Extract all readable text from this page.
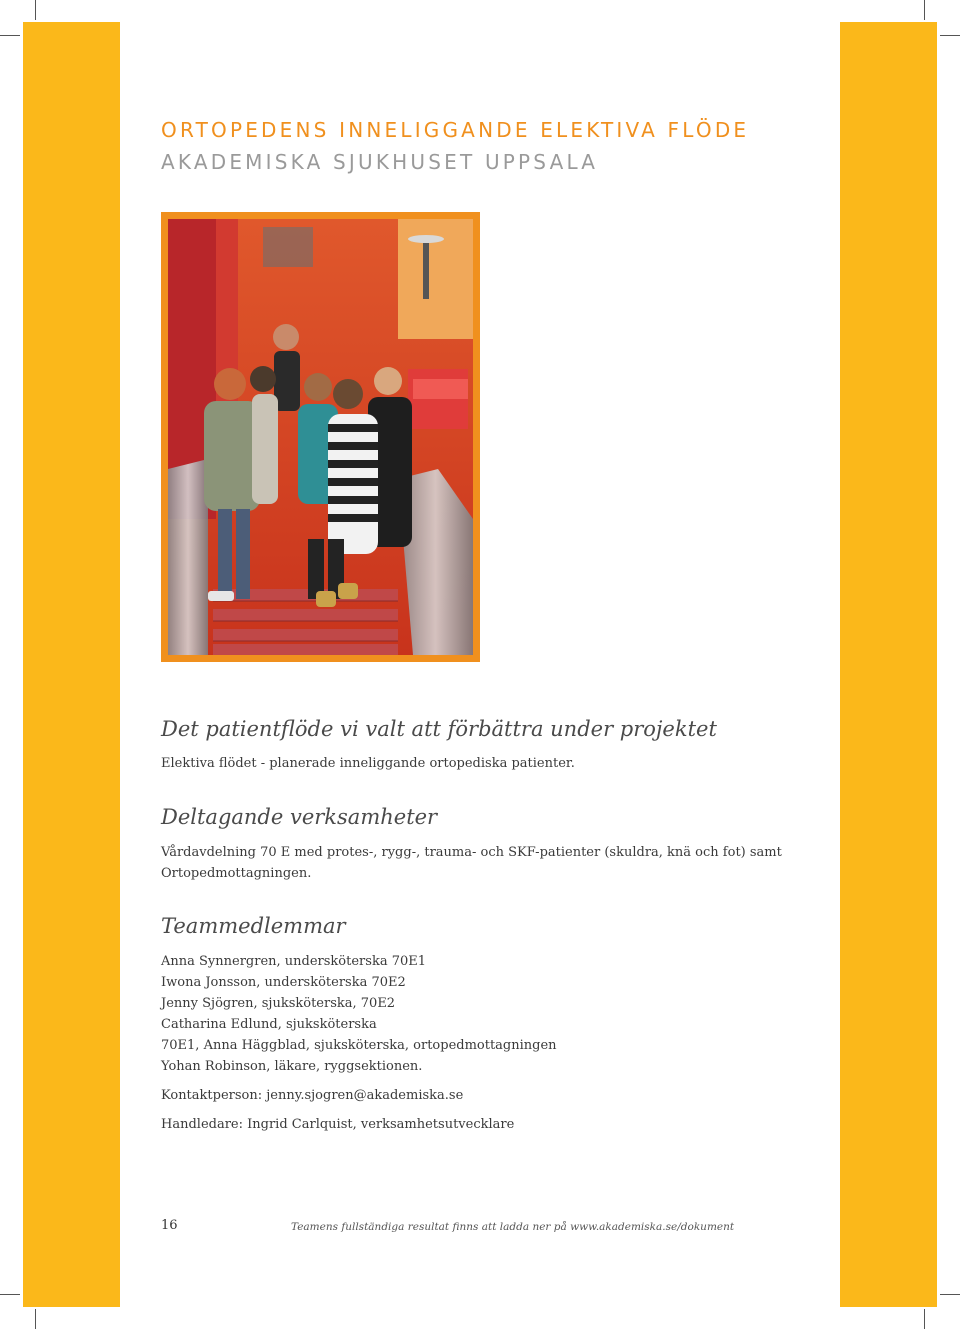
ORTOPEDENS INNELIGGANDE ELEKTIVA FLÖDE
AKADEMISKA SJUKHUSET UPPSALA
Det patientflöde vi valt att förbättra under projektet
Elektiva flödet - planerade inneliggande ortopediska patienter.
Deltagande verksamheter
Vårdavdelning 70 E med protes-, rygg-, trauma- och SKF-patienter (skuldra, knä och fot) samt
Ortopedmottagningen.
Teammedlemmar
Anna Synnergren, undersköterska 70E1
Iwona Jonsson, undersköterska 70E2
Jenny Sjögren, sjuksköterska, 70E2
Catharina Edlund, sjuksköterska
70E1, Anna Häggblad, sjuksköterska, ortopedmottagningen
Yohan Robinson, läkare, ryggsektionen.
Kontaktperson: jenny.sjogren@akademiska.se
Handledare: Ingrid Carlquist, verksamhetsutvecklare
16	Teamens fullständiga resultat finns att ladda ner på www.akademiska.se/dokument
